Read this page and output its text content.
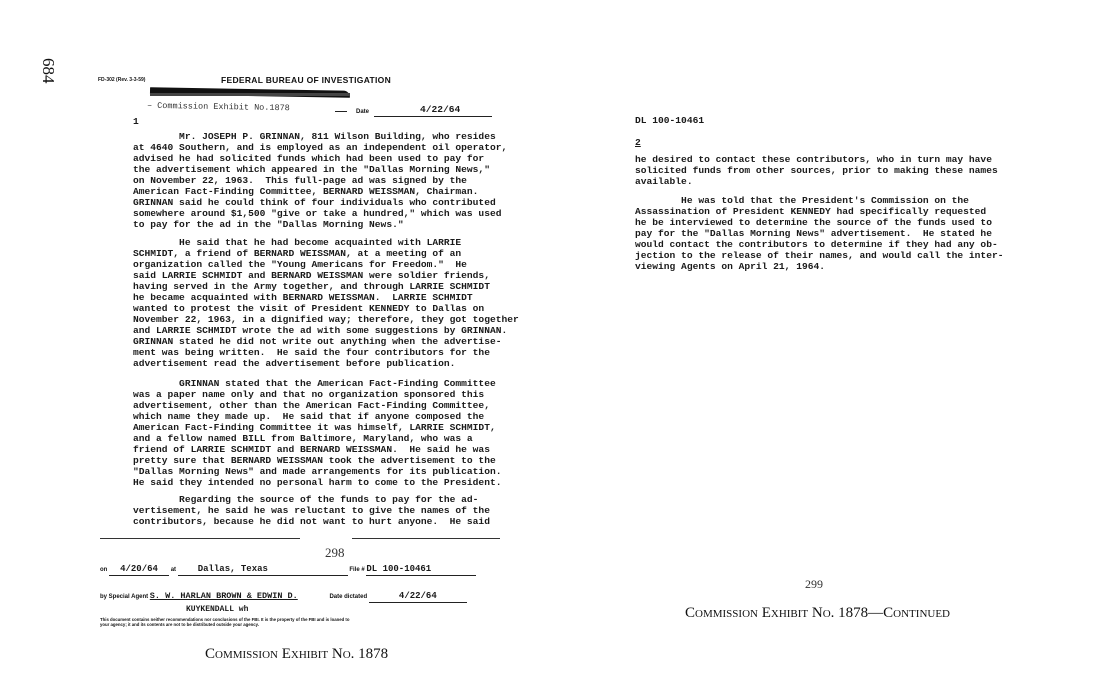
684	FD-302 (Rev. 3-3-59)	FEDERAL BUREAU OF INVESTIGATION
– Commission Exhibit No.1878	Date	4/22/64
1
Mr. JOSEPH P. GRINNAN, 811 Wilson Building, who resides
at 4640 Southern, and is employed as an independent oil operator,
advised he had solicited funds which had been used to pay for
the advertisement which appeared in the "Dallas Morning News,"
on November 22, 1963.  This full-page ad was signed by the
American Fact-Finding Committee, BERNARD WEISSMAN, Chairman.
GRINNAN said he could think of four individuals who contributed
somewhere around $1,500 "give or take a hundred," which was used
to pay for the ad in the "Dallas Morning News."
He said that he had become acquainted with LARRIE
SCHMIDT, a friend of BERNARD WEISSMAN, at a meeting of an
organization called the "Young Americans for Freedom."  He
said LARRIE SCHMIDT and BERNARD WEISSMAN were soldier friends,
having served in the Army together, and through LARRIE SCHMIDT
he became acquainted with BERNARD WEISSMAN.  LARRIE SCHMIDT
wanted to protest the visit of President KENNEDY to Dallas on
November 22, 1963, in a dignified way; therefore, they got together
and LARRIE SCHMIDT wrote the ad with some suggestions by GRINNAN.
GRINNAN stated he did not write out anything when the advertise-
ment was being written.  He said the four contributors for the
advertisement read the advertisement before publication.
GRINNAN stated that the American Fact-Finding Committee
was a paper name only and that no organization sponsored this
advertisement, other than the American Fact-Finding Committee,
which name they made up.  He said that if anyone composed the
American Fact-Finding Committee it was himself, LARRIE SCHMIDT,
and a fellow named BILL from Baltimore, Maryland, who was a
friend of LARRIE SCHMIDT and BERNARD WEISSMAN.  He said he was
pretty sure that BERNARD WEISSMAN took the advertisement to the
"Dallas Morning News" and made arrangements for its publication.
He said they intended no personal harm to come to the President.
Regarding the source of the funds to pay for the ad-
vertisement, he said he was reluctant to give the names of the
contributors, because he did not want to hurt anyone.  He said
298
on 4/20/64 at Dallas, Texas	File # DL 100-10461
by Special Agent S. W. HARLAN BROWN & EDWIN D.	Date dictated	4/22/64
KUYKENDALL wh
This document contains neither recommendations nor conclusions of the FBI. It is the property of the FBI and is loaned to
your agency; it and its contents are not to be distributed outside your agency.
Commission Exhibit No. 1878
DL 100-10461
2
he desired to contact these contributors, who in turn may have
solicited funds from other sources, prior to making these names
available.
He was told that the President's Commission on the
Assassination of President KENNEDY had specifically requested
he be interviewed to determine the source of the funds used to
pay for the "Dallas Morning News" advertisement.  He stated he
would contact the contributors to determine if they had any ob-
jection to the release of their names, and would call the inter-
viewing Agents on April 21, 1964.
299
Commission Exhibit No. 1878—Continued
